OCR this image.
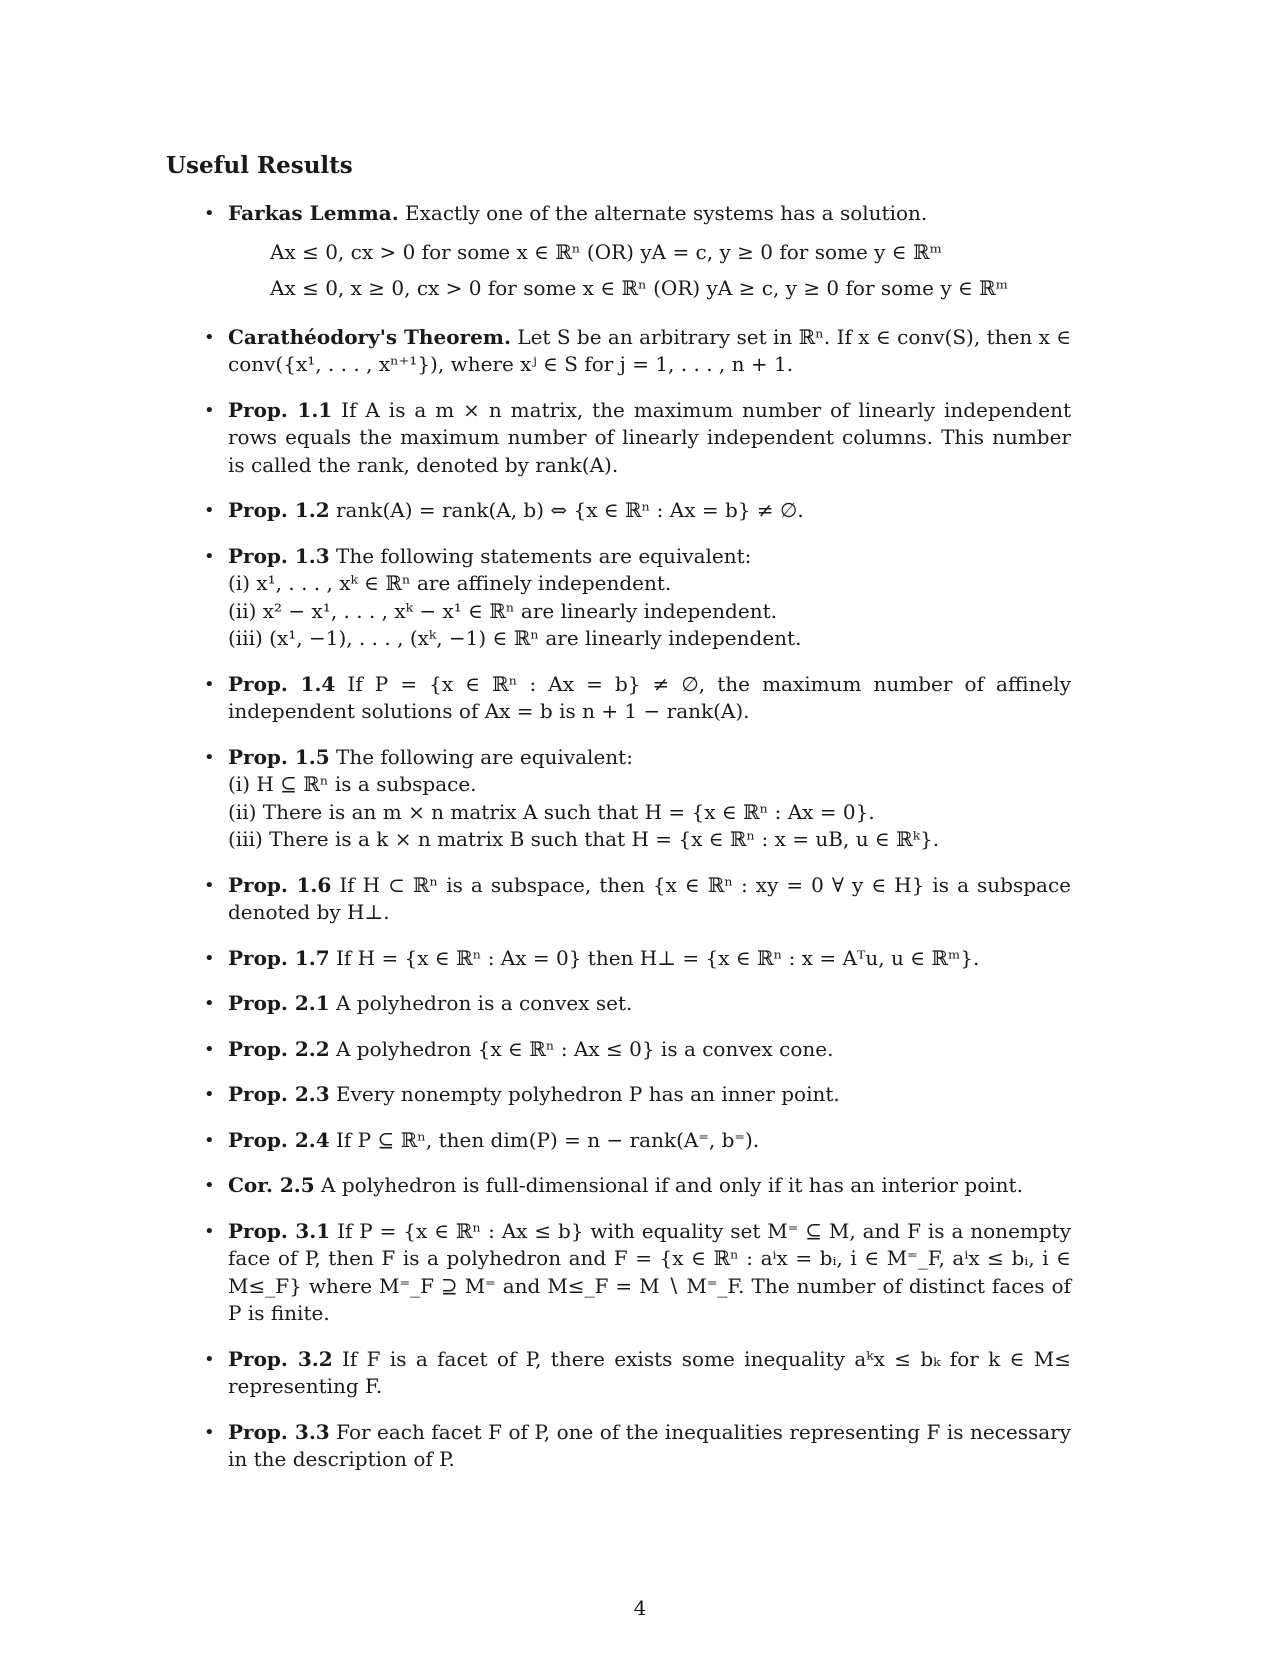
Useful Results
• Farkas Lemma. Exactly one of the alternate systems has a solution.
Ax ≤ 0, cx > 0 for some x ∈ ℝⁿ (OR) yA = c, y ≥ 0 for some y ∈ ℝᵐ
Ax ≤ 0, x ≥ 0, cx > 0 for some x ∈ ℝⁿ (OR) yA ≥ c, y ≥ 0 for some y ∈ ℝᵐ
• Carathéodory's Theorem. Let S be an arbitrary set in ℝⁿ. If x ∈ conv(S), then x ∈ conv({x¹, . . . , xⁿ⁺¹}), where xʲ ∈ S for j = 1, . . . , n + 1.
• Prop. 1.1 If A is a m × n matrix, the maximum number of linearly independent rows equals the maximum number of linearly independent columns. This number is called the rank, denoted by rank(A).
• Prop. 1.2 rank(A) = rank(A, b) ⇔ {x ∈ ℝⁿ : Ax = b} ≠ ∅.
• Prop. 1.3 The following statements are equivalent:
(i) x¹, . . . , xᵏ ∈ ℝⁿ are affinely independent.
(ii) x² − x¹, . . . , xᵏ − x¹ ∈ ℝⁿ are linearly independent.
(iii) (x¹, −1), . . . , (xᵏ, −1) ∈ ℝⁿ are linearly independent.
• Prop. 1.4 If P = {x ∈ ℝⁿ : Ax = b} ≠ ∅, the maximum number of affinely independent solutions of Ax = b is n + 1 − rank(A).
• Prop. 1.5 The following are equivalent:
(i) H ⊆ ℝⁿ is a subspace.
(ii) There is an m × n matrix A such that H = {x ∈ ℝⁿ : Ax = 0}.
(iii) There is a k × n matrix B such that H = {x ∈ ℝⁿ : x = uB, u ∈ ℝᵏ}.
• Prop. 1.6 If H ⊂ ℝⁿ is a subspace, then {x ∈ ℝⁿ : xy = 0 ∀ y ∈ H} is a subspace denoted by H⊥.
• Prop. 1.7 If H = {x ∈ ℝⁿ : Ax = 0} then H⊥ = {x ∈ ℝⁿ : x = Aᵀu, u ∈ ℝᵐ}.
• Prop. 2.1 A polyhedron is a convex set.
• Prop. 2.2 A polyhedron {x ∈ ℝⁿ : Ax ≤ 0} is a convex cone.
• Prop. 2.3 Every nonempty polyhedron P has an inner point.
• Prop. 2.4 If P ⊆ ℝⁿ, then dim(P) = n − rank(A⁼, b⁼).
• Cor. 2.5 A polyhedron is full-dimensional if and only if it has an interior point.
• Prop. 3.1 If P = {x ∈ ℝⁿ : Ax ≤ b} with equality set M⁼ ⊆ M, and F is a nonempty face of P, then F is a polyhedron and F = {x ∈ ℝⁿ : aⁱx = bᵢ, i ∈ M⁼_F, aⁱx ≤ bᵢ, i ∈ M≤_F} where M⁼_F ⊇ M⁼ and M≤_F = M ∖ M⁼_F. The number of distinct faces of P is finite.
• Prop. 3.2 If F is a facet of P, there exists some inequality aᵏx ≤ bₖ for k ∈ M≤ representing F.
• Prop. 3.3 For each facet F of P, one of the inequalities representing F is necessary in the description of P.
4
